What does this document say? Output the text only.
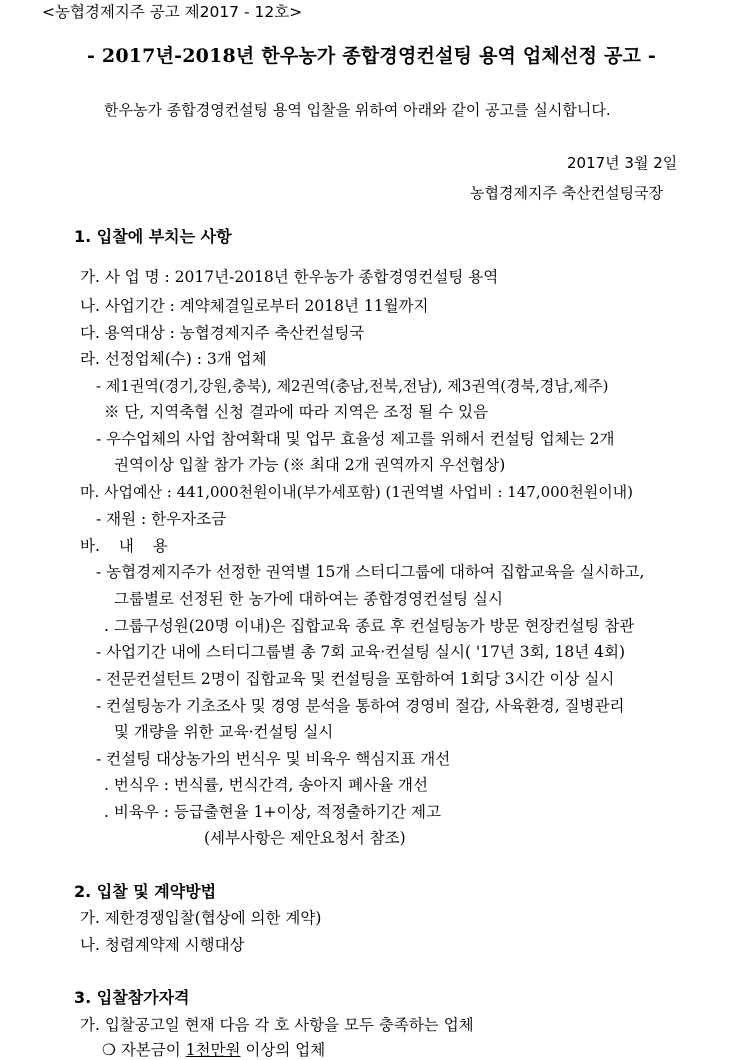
<농협경제지주 공고 제2017 - 12호>
- 2017년-2018년 한우농가 종합경영컨설팅 용역 업체선정 공고 -
한우농가 종합경영컨설팅 용역 입찰을 위하여 아래와 같이 공고를 실시합니다.
2017년 3월 2일
농협경제지주 축산컨설팅국장
1. 입찰에 부치는 사항
가. 사 업 명 : 2017년-2018년 한우농가 종합경영컨설팅 용역
나. 사업기간 : 계약체결일로부터 2018년 11월까지
다. 용역대상 : 농협경제지주 축산컨설팅국
라. 선정업체(수) : 3개 업체
- 제1권역(경기,강원,충북), 제2권역(충남,전북,전남), 제3권역(경북,경남,제주)
※ 단, 지역축협 신청 결과에 따라 지역은 조정 될 수 있음
- 우수업체의 사업 참여확대 및 업무 효율성 제고를 위해서 컨설팅 업체는 2개
권역이상 입찰 참가 가능 (※ 최대 2개 권역까지 우선협상)
마. 사업예산 : 441,000천원이내(부가세포함) (1권역별 사업비 : 147,000천원이내)
- 재원 : 한우자조금
바. 내 용
- 농협경제지주가 선정한 권역별 15개 스터디그룹에 대하여 집합교육을 실시하고,
그룹별로 선정된 한 농가에 대하여는 종합경영컨설팅 실시
. 그룹구성원(20명 이내)은 집합교육 종료 후 컨설팅농가 방문 현장컨설팅 참관
- 사업기간 내에 스터디그룹별 총 7회 교육·컨설팅 실시( '17년 3회, 18년 4회)
- 전문컨설턴트 2명이 집합교육 및 컨설팅을 포함하여 1회당 3시간 이상 실시
- 컨설팅농가 기초조사 및 경영 분석을 통하여 경영비 절감, 사육환경, 질병관리
및 개량을 위한 교육·컨설팅 실시
- 컨설팅 대상농가의 번식우 및 비육우 핵심지표 개선
. 번식우 : 번식률, 번식간격, 송아지 폐사율 개선
. 비육우 : 등급출현율 1+이상, 적정출하기간 제고
(세부사항은 제안요청서 참조)
2. 입찰 및 계약방법
가. 제한경쟁입찰(협상에 의한 계약)
나. 청렴계약제 시행대상
3. 입찰참가자격
가. 입찰공고일 현재 다음 각 호 사항을 모두 충족하는 업체
❍ 자본금이 1천만원 이상의 업체
